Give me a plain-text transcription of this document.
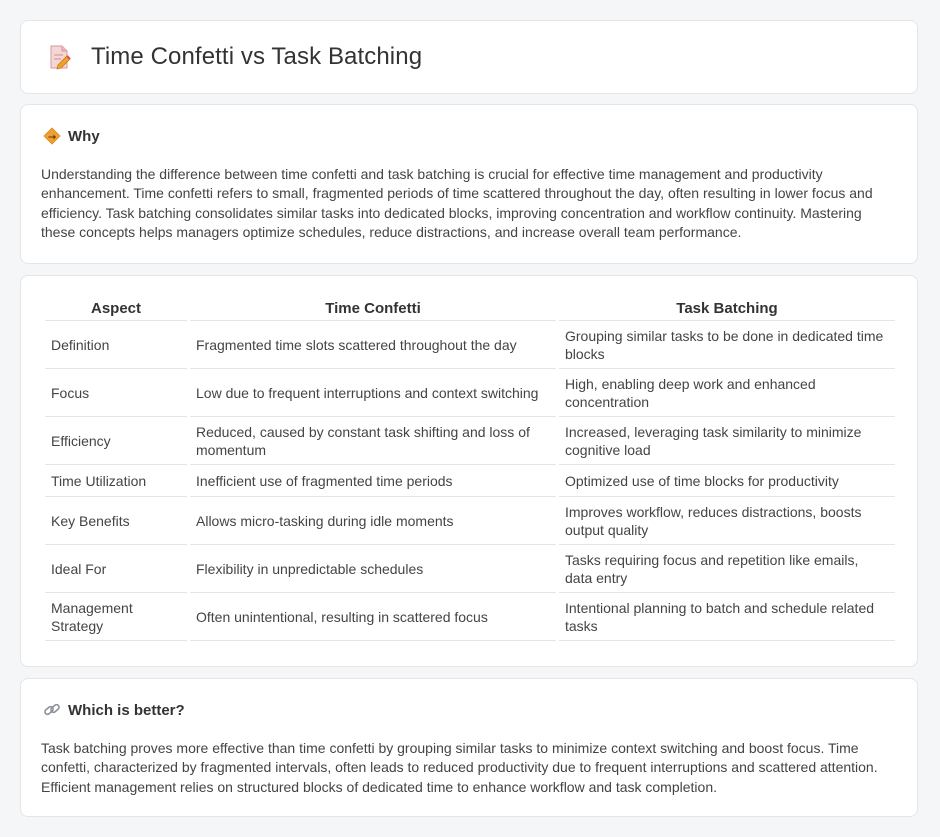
Time Confetti vs Task Batching
Why
Understanding the difference between time confetti and task batching is crucial for effective time management and productivity enhancement. Time confetti refers to small, fragmented periods of time scattered throughout the day, often resulting in lower focus and efficiency. Task batching consolidates similar tasks into dedicated blocks, improving concentration and workflow continuity. Mastering these concepts helps managers optimize schedules, reduce distractions, and increase overall team performance.
Aspect	Time Confetti	Task Batching
Definition	Fragmented time slots scattered throughout the day	Grouping similar tasks to be done in dedicated time blocks
Focus	Low due to frequent interruptions and context switching	High, enabling deep work and enhanced concentration
Efficiency	Reduced, caused by constant task shifting and loss of momentum	Increased, leveraging task similarity to minimize cognitive load
Time Utilization	Inefficient use of fragmented time periods	Optimized use of time blocks for productivity
Key Benefits	Allows micro-tasking during idle moments	Improves workflow, reduces distractions, boosts output quality
Ideal For	Flexibility in unpredictable schedules	Tasks requiring focus and repetition like emails, data entry
Management Strategy	Often unintentional, resulting in scattered focus	Intentional planning to batch and schedule related tasks
Which is better?
Task batching proves more effective than time confetti by grouping similar tasks to minimize context switching and boost focus. Time confetti, characterized by fragmented intervals, often leads to reduced productivity due to frequent interruptions and scattered attention. Efficient management relies on structured blocks of dedicated time to enhance workflow and task completion.
